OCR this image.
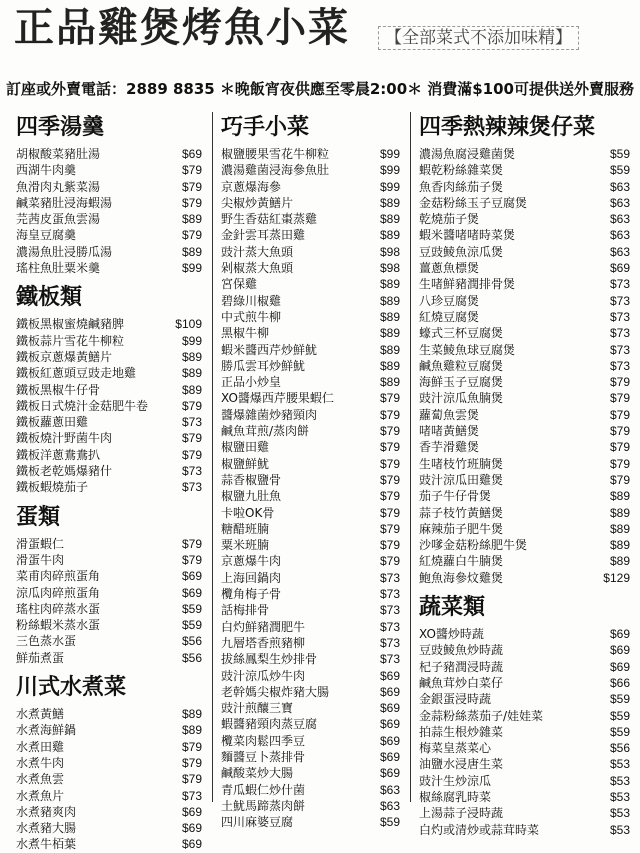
正品雞煲烤魚小菜	【全部菜式不添加味精】
訂座或外賣電話：2889 8835 ＊晚飯宵夜供應至零晨2:00＊ 消費滿$100可提供送外賣服務
四季湯羹
胡椒酸菜豬肚湯	$69
西湖牛肉羹	$79
魚滑肉丸紫菜湯	$79
鹹菜豬肚浸海蝦湯	$79
芫茜皮蛋魚雲湯	$89
海皇豆腐羹	$79
濃湯魚肚浸勝瓜湯	$89
瑤柱魚肚粟米羹	$99
鐵板類
鐵板黑椒蜜燒鹹豬脾	$109
鐵板蒜片雪花牛柳粒	$99
鐵板京蔥爆黃鱔片	$89
鐵板紅蔥頭豆豉走地雞	$89
鐵板黑椒牛仔骨	$89
鐵板日式燒汁金菇肥牛卷	$79
鐵板蘿蔥田雞	$73
鐵板燒汁野菌牛肉	$79
鐵板洋蔥鴦鴦扒	$79
鐵板老乾媽爆豬什	$73
鐵板蝦燒茄子	$73
蛋類
滑蛋蝦仁	$79
滑蛋牛肉	$79
菜甫肉碎煎蛋角	$69
涼瓜肉碎煎蛋角	$69
瑤柱肉碎蒸水蛋	$59
粉絲蝦米蒸水蛋	$59
三色蒸水蛋	$56
鮮茄煮蛋	$56
川式水煮菜
水煮黃鱔	$89
水煮海鮮鍋	$89
水煮田雞	$79
水煮牛肉	$79
水煮魚雲	$79
水煮魚片	$73
水煮豬爽肉	$69
水煮豬大腸	$69
水煮牛栢葉	$69
巧手小菜
椒鹽腰果雪花牛柳粒	$99
濃湯雞菌浸海參魚肚	$99
京蔥爆海參	$99
尖椒炒黃鱔片	$89
野生香菇紅棗蒸雞	$89
金針雲耳蒸田雞	$89
豉汁蒸大魚頭	$98
剁椒蒸大魚頭	$98
宮保雞	$89
碧綠川椒雞	$89
中式煎牛柳	$89
黑椒牛柳	$89
蝦米醬西芹炒鮮魷	$89
勝瓜雲耳炒鮮魷	$89
正品小炒皇	$89
XO醬爆西芹腰果蝦仁	$79
醬爆雜菌炒豬頸肉	$79
鹹魚茸煎/蒸肉餅	$79
椒鹽田雞	$79
椒鹽鮮魷	$79
蒜香椒鹽骨	$79
椒鹽九肚魚	$79
卡啦OK骨	$79
糖醋班腩	$79
粟米班腩	$79
京蔥爆牛肉	$79
上海回鍋肉	$73
欖角梅子骨	$73
話梅排骨	$73
白灼鮮豬潤肥牛	$73
九層塔香煎豬柳	$73
拔絲鳳梨生炒排骨	$73
豉汁涼瓜炒牛肉	$69
老幹媽尖椒炸豬大腸	$69
豉汁煎釀三寶	$69
蝦醬豬頸肉蒸豆腐	$69
欖菜肉鬆四季豆	$69
麵醬豆卜蒸排骨	$69
鹹酸菜炒大腸	$69
青瓜蝦仁炒什菌	$63
土魷馬蹄蒸肉餅	$63
四川麻婆豆腐	$59
四季熱辣辣煲仔菜
濃湯魚腐浸雞菌煲	$59
蝦乾粉絲雜菜煲	$59
魚香肉絲茄子煲	$63
金菇粉絲玉子豆腐煲	$63
乾燒茄子煲	$63
蝦米醬啫啫時菜煲	$63
豆豉鯪魚涼瓜煲	$63
薑蔥魚標煲	$69
生啫鮮豬潤排骨煲	$73
八珍豆腐煲	$73
紅燒豆腐煲	$73
蠔式三杯豆腐煲	$73
生菜鯪魚球豆腐煲	$73
鹹魚雞粒豆腐煲	$73
海鮮玉子豆腐煲	$79
豉汁涼瓜魚腩煲	$79
蘿蔔魚雲煲	$79
啫啫黃鱔煲	$79
香芋滑雞煲	$79
生啫枝竹班腩煲	$79
豉汁涼瓜田雞煲	$79
茄子牛仔骨煲	$89
蒜子枝竹黃鱔煲	$89
麻辣茄子肥牛煲	$89
沙嗲金菇粉絲肥牛煲	$89
紅燒蘿白牛腩煲	$89
鮑魚海參炆雞煲	$129
蔬菜類
XO醬炒時蔬	$69
豆豉鯪魚炒時蔬	$69
杞子豬潤浸時蔬	$69
鹹魚茸炒白菜仔	$66
金銀蛋浸時蔬	$59
金蒜粉絲蒸茄子/娃娃菜	$59
拍蒜生根炒雜菜	$59
梅菜皇蒸菜心	$56
油鹽水浸唐生菜	$53
豉汁生炒涼瓜	$53
椒絲腐乳時菜	$53
上湯蒜子浸時蔬	$53
白灼或清炒或蒜茸時菜	$53
